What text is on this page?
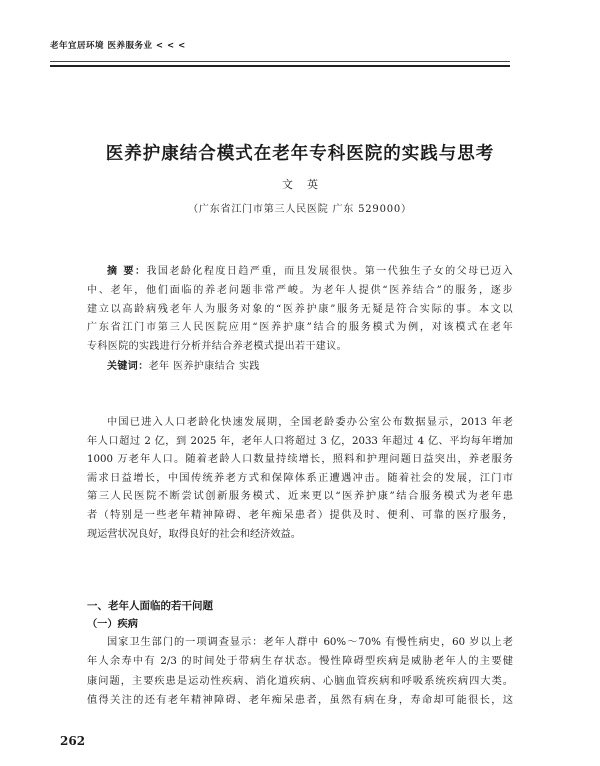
老年宜居环境 医养服务业 < < <
医养护康结合模式在老年专科医院的实践与思考
文英
（广东省江门市第三人民医院 广东 529000）
摘 要：我国老龄化程度日趋严重，而且发展很快。第一代独生子女的父母已迈入
中、老年，他们面临的养老问题非常严峻。为老年人提供“医养结合”的服务，逐步
建立以高龄病残老年人为服务对象的“医养护康”服务无疑是符合实际的事。本文以
广东省江门市第三人民医院应用“医养护康”结合的服务模式为例，对该模式在老年
专科医院的实践进行分析并结合养老模式提出若干建议。
关键词：老年 医养护康结合 实践
中国已进入人口老龄化快速发展期，全国老龄委办公室公布数据显示，2013 年老
年人口超过 2 亿，到 2025 年，老年人口将超过 3 亿，2033 年超过 4 亿、平均每年增加
1000 万老年人口。随着老龄人口数量持续增长，照料和护理问题日益突出，养老服务
需求日益增长，中国传统养老方式和保障体系正遭遇冲击。随着社会的发展，江门市
第三人民医院不断尝试创新服务模式、近来更以“医养护康”结合服务模式为老年患
者（特别是一些老年精神障碍、老年痴呆患者）提供及时、便利、可靠的医疗服务，
现运营状况良好，取得良好的社会和经济效益。
一、老年人面临的若干问题
（一）疾病
国家卫生部门的一项调查显示：老年人群中 60%～70% 有慢性病史，60 岁以上老
年人余寿中有 2/3 的时间处于带病生存状态。慢性障碍型疾病是威胁老年人的主要健
康问题，主要疾患是运动性疾病、消化道疾病、心脑血管疾病和呼吸系统疾病四大类。
值得关注的还有老年精神障碍、老年痴呆患者，虽然有病在身，寿命却可能很长，这
262
